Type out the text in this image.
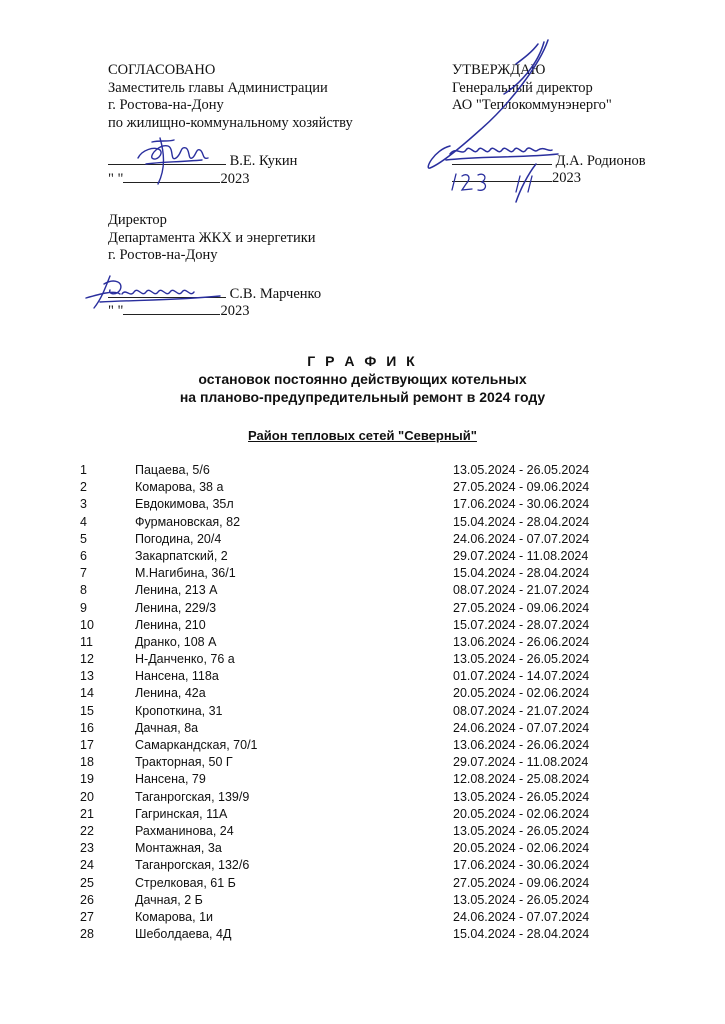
СОГЛАСОВАНО
Заместитель главы Администрации
г. Ростова-на-Дону
по жилищно-коммунальному хозяйству
В.Е. Кукин
" "	2023
УТВЕРЖДАЮ
Генеральный директор
АО "Теплокоммунэнерго"
Д.А. Родионов
2023
Директор
Департамента ЖКХ и энергетики
г. Ростов-на-Дону
С.В. Марченко
" "	2023
Г Р А Ф И К
остановок постоянно действующих котельных
на планово-предупредительный ремонт в 2024 году
Район тепловых сетей "Северный"
1	Пацаева, 5/6	13.05.2024 - 26.05.2024
2	Комарова, 38 а	27.05.2024 - 09.06.2024
3	Евдокимова, 35л	17.06.2024 - 30.06.2024
4	Фурмановская, 82	15.04.2024 - 28.04.2024
5	Погодина, 20/4	24.06.2024 - 07.07.2024
6	Закарпатский, 2	29.07.2024 - 11.08.2024
7	М.Нагибина, 36/1	15.04.2024 - 28.04.2024
8	Ленина, 213 А	08.07.2024 - 21.07.2024
9	Ленина, 229/3	27.05.2024 - 09.06.2024
10	Ленина, 210	15.07.2024 - 28.07.2024
11	Дранко, 108 А	13.06.2024 - 26.06.2024
12	Н-Данченко, 76 а	13.05.2024 - 26.05.2024
13	Нансена, 118а	01.07.2024 - 14.07.2024
14	Ленина, 42а	20.05.2024 - 02.06.2024
15	Кропоткина, 31	08.07.2024 - 21.07.2024
16	Дачная, 8а	24.06.2024 - 07.07.2024
17	Самаркандская, 70/1	13.06.2024 - 26.06.2024
18	Тракторная, 50 Г	29.07.2024 - 11.08.2024
19	Нансена, 79	12.08.2024 - 25.08.2024
20	Таганрогская, 139/9	13.05.2024 - 26.05.2024
21	Гагринская, 11А	20.05.2024 - 02.06.2024
22	Рахманинова, 24	13.05.2024 - 26.05.2024
23	Монтажная, 3а	20.05.2024 - 02.06.2024
24	Таганрогская, 132/6	17.06.2024 - 30.06.2024
25	Стрелковая, 61 Б	27.05.2024 - 09.06.2024
26	Дачная, 2 Б	13.05.2024 - 26.05.2024
27	Комарова, 1и	24.06.2024 - 07.07.2024
28	Шеболдаева, 4Д	15.04.2024 - 28.04.2024
